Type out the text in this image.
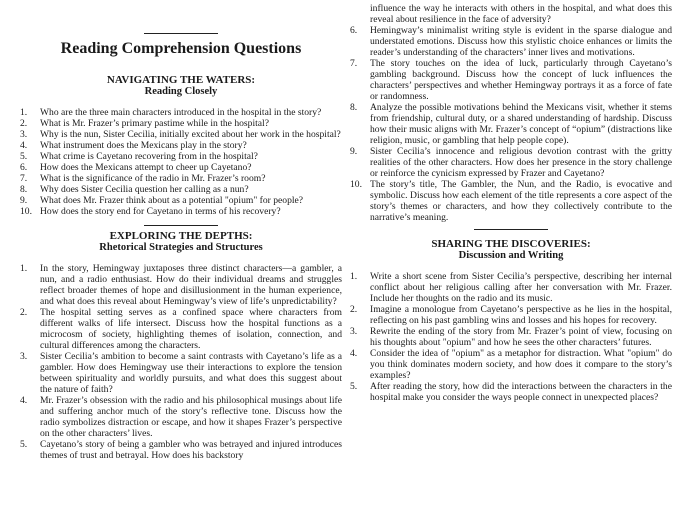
Reading Comprehension Questions
NAVIGATING THE WATERS:
Reading Closely
1.	Who are the three main characters introduced in the hospital in the story?
2.	What is Mr. Frazer’s primary pastime while in the hospital?
3.	Why is the nun, Sister Cecilia, initially excited about her work in the hospital?
4.	What instrument does the Mexicans play in the story?
5.	What crime is Cayetano recovering from in the hospital?
6.	How does the Mexicans attempt to cheer up Cayetano?
7.	What is the significance of the radio in Mr. Frazer’s room?
8.	Why does Sister Cecilia question her calling as a nun?
9.	What does Mr. Frazer think about as a potential "opium" for people?
10. How does the story end for Cayetano in terms of his recovery?
EXPLORING THE DEPTHS:
Rhetorical Strategies and Structures
1.	In the story, Hemingway juxtaposes three distinct characters—a gambler, a nun, and a radio enthusiast. How do their individual dreams and struggles reflect broader themes of hope and disillusionment in the human experience, and what does this reveal about Hemingway’s view of life’s unpredictability?
2.	The hospital setting serves as a confined space where characters from different walks of life intersect. Discuss how the hospital functions as a microcosm of society, highlighting themes of isolation, connection, and cultural differences among the characters.
3.	Sister Cecilia’s ambition to become a saint contrasts with Cayetano’s life as a gambler. How does Hemingway use their interactions to explore the tension between spirituality and worldly pursuits, and what does this suggest about the nature of faith?
4.	Mr. Frazer’s obsession with the radio and his philosophical musings about life and suffering anchor much of the story’s reflective tone. Discuss how the radio symbolizes distraction or escape, and how it shapes Frazer’s perspective on the other characters’ lives.
5.	Cayetano’s story of being a gambler who was betrayed and injured introduces themes of trust and betrayal. How does his backstory
influence the way he interacts with others in the hospital, and what does this reveal about resilience in the face of adversity?
6.	Hemingway’s minimalist writing style is evident in the sparse dialogue and understated emotions. Discuss how this stylistic choice enhances or limits the reader’s understanding of the characters’ inner lives and motivations.
7.	The story touches on the idea of luck, particularly through Cayetano’s gambling background. Discuss how the concept of luck influences the characters’ perspectives and whether Hemingway portrays it as a force of fate or randomness.
8.	Analyze the possible motivations behind the Mexicans visit, whether it stems from friendship, cultural duty, or a shared understanding of hardship. Discuss how their music aligns with Mr. Frazer’s concept of “opium” (distractions like religion, music, or gambling that help people cope).
9.	Sister Cecilia’s innocence and religious devotion contrast with the gritty realities of the other characters. How does her presence in the story challenge or reinforce the cynicism expressed by Frazer and Cayetano?
10. The story’s title, The Gambler, the Nun, and the Radio, is evocative and symbolic. Discuss how each element of the title represents a core aspect of the story’s themes or characters, and how they collectively contribute to the narrative’s meaning.
SHARING THE DISCOVERIES:
Discussion and Writing
1.	Write a short scene from Sister Cecilia’s perspective, describing her internal conflict about her religious calling after her conversation with Mr. Frazer. Include her thoughts on the radio and its music.
2.	Imagine a monologue from Cayetano’s perspective as he lies in the hospital, reflecting on his past gambling wins and losses and his hopes for recovery.
3.	Rewrite the ending of the story from Mr. Frazer’s point of view, focusing on his thoughts about "opium" and how he sees the other characters’ futures.
4.	Consider the idea of "opium" as a metaphor for distraction. What "opium" do you think dominates modern society, and how does it compare to the story’s examples?
5.	After reading the story, how did the interactions between the characters in the hospital make you consider the ways people connect in unexpected places?
